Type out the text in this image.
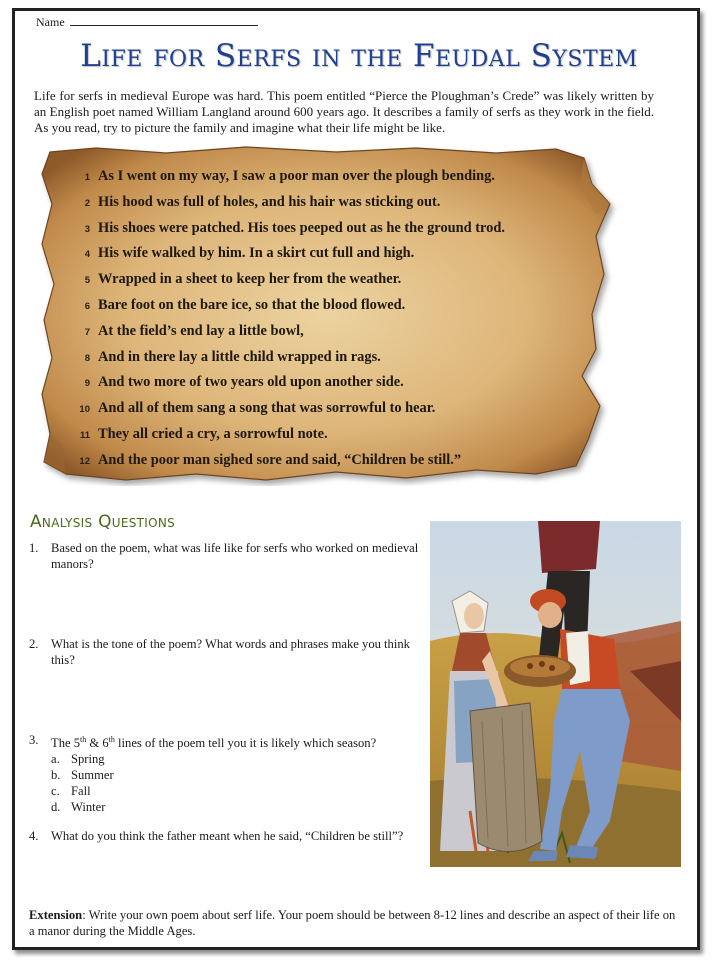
Name
Life for Serfs in the Feudal System

Life for serfs in medieval Europe was hard. This poem entitled “Pierce the Ploughman’s Crede” was likely written by an English poet named William Langland around 600 years ago. It describes a family of serfs as they work in the field. As you read, try to picture the family and imagine what their life might be like.

1 As I went on my way, I saw a poor man over the plough bending.
2 His hood was full of holes, and his hair was sticking out.
3 His shoes were patched. His toes peeped out as he the ground trod.
4 His wife walked by him. In a skirt cut full and high.
5 Wrapped in a sheet to keep her from the weather.
6 Bare foot on the bare ice, so that the blood flowed.
7 At the field’s end lay a little bowl,
8 And in there lay a little child wrapped in rags.
9 And two more of two years old upon another side.
10 And all of them sang a song that was sorrowful to hear.
11 They all cried a cry, a sorrowful note.
12 And the poor man sighed sore and said, “Children be still.”
Analysis Questions
1. Based on the poem, what was life like for serfs who worked on medieval manors?
2. What is the tone of the poem? What words and phrases make you think this?
3. The 5th & 6th lines of the poem tell you it is likely which season?
a. Spring
b. Summer
c. Fall
d. Winter
4. What do you think the father meant when he said, “Children be still”?

Extension: Write your own poem about serf life. Your poem should be between 8-12 lines and describe an aspect of their life on a manor during the Middle Ages.
